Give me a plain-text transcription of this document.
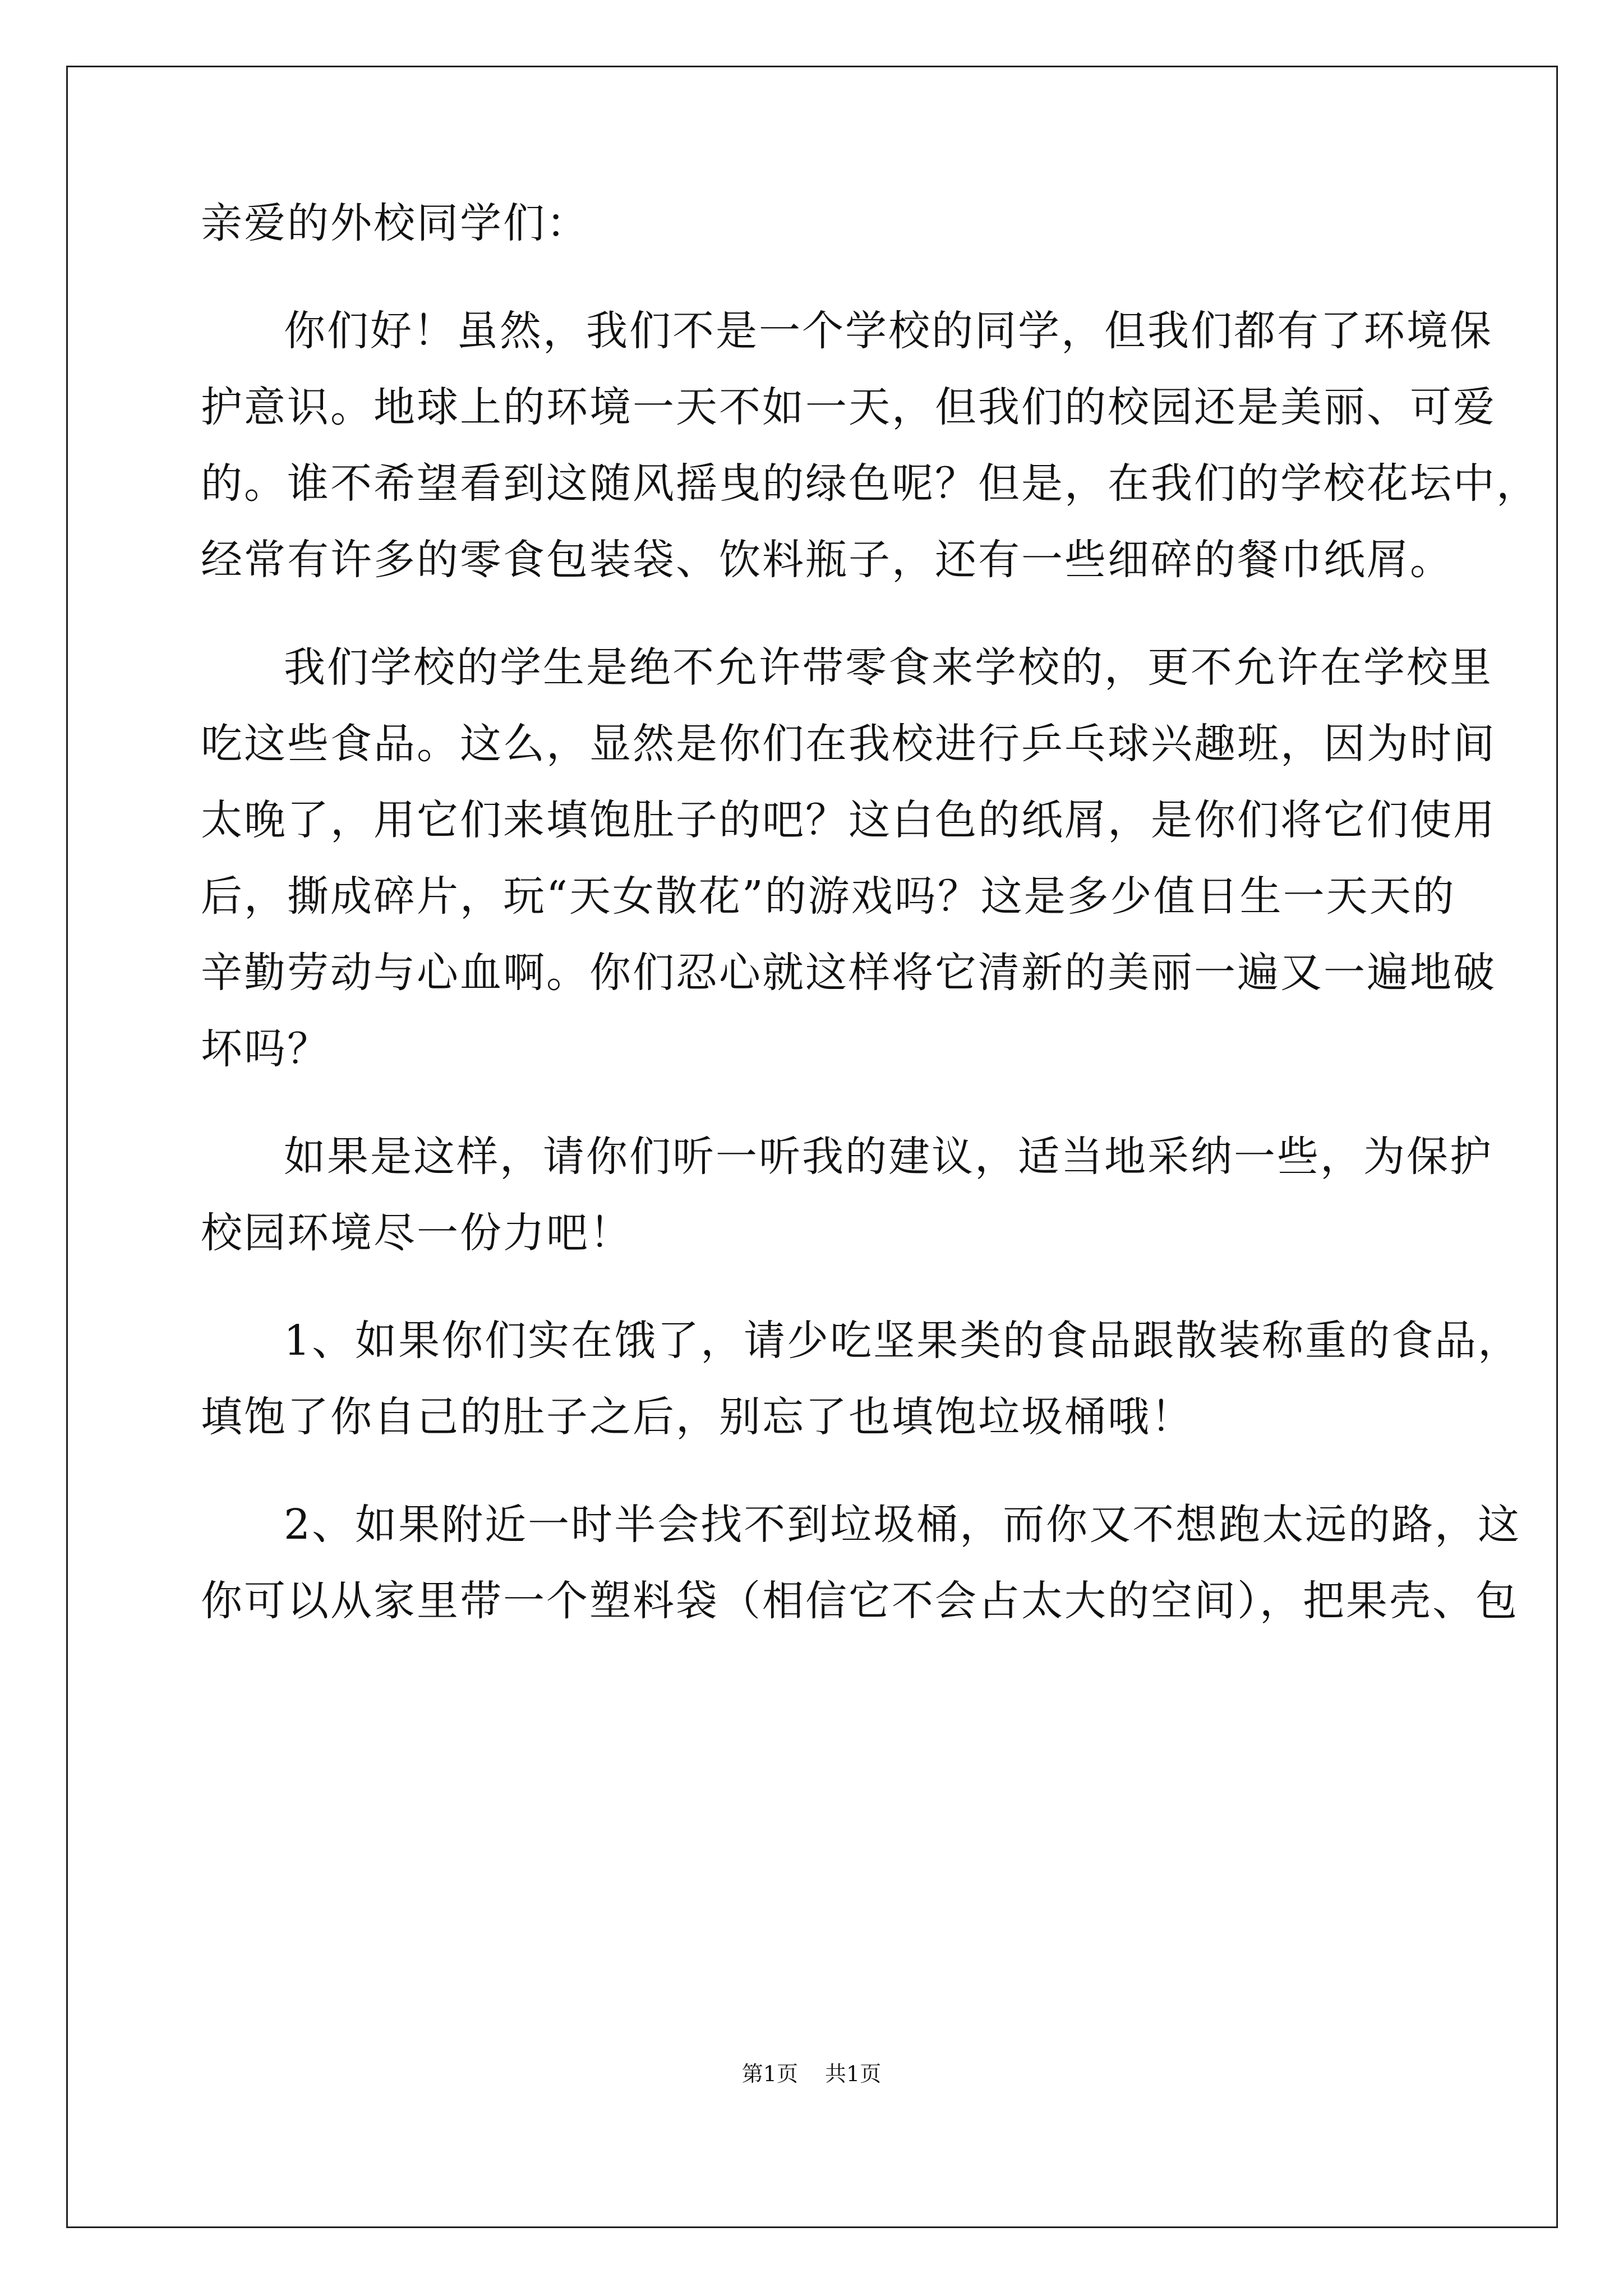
亲爱的外校同学们：
你们好！虽然，我们不是一个学校的同学，但我们都有了环境保
护意识。地球上的环境一天不如一天，但我们的校园还是美丽、可爱
的。谁不希望看到这随风摇曳的绿色呢？但是，在我们的学校花坛中，
经常有许多的零食包装袋、饮料瓶子，还有一些细碎的餐巾纸屑。
我们学校的学生是绝不允许带零食来学校的，更不允许在学校里
吃这些食品。这么，显然是你们在我校进行乒乓球兴趣班，因为时间
太晚了，用它们来填饱肚子的吧？这白色的纸屑，是你们将它们使用
后，撕成碎片，玩“天女散花”的游戏吗？这是多少值日生一天天的
辛勤劳动与心血啊。你们忍心就这样将它清新的美丽一遍又一遍地破
坏吗？
如果是这样，请你们听一听我的建议，适当地采纳一些，为保护
校园环境尽一份力吧！
1、如果你们实在饿了，请少吃坚果类的食品跟散装称重的食品，
填饱了你自己的肚子之后，别忘了也填饱垃圾桶哦！
2、如果附近一时半会找不到垃圾桶，而你又不想跑太远的路，这
你可以从家里带一个塑料袋（相信它不会占太大的空间），把果壳、包
第1页 共1页
